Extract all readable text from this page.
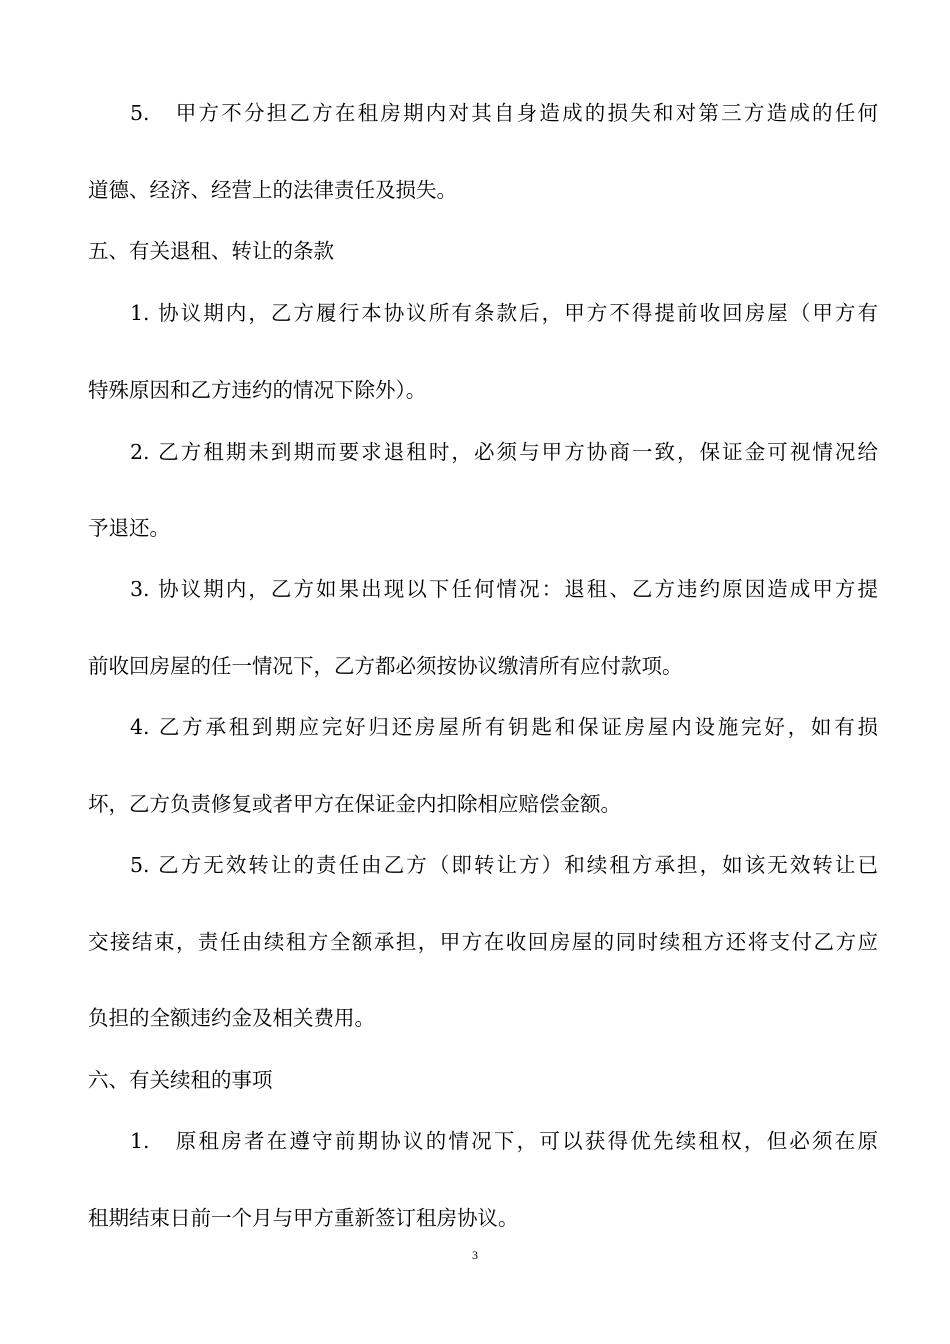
5.   甲方不分担乙方在租房期内对其自身造成的损失和对第三方造成的任何
道德、经济、经营上的法律责任及损失。
五、有关退租、转让的条款
1. 协议期内，乙方履行本协议所有条款后，甲方不得提前收回房屋（甲方有
特殊原因和乙方违约的情况下除外）。
2. 乙方租期未到期而要求退租时，必须与甲方协商一致，保证金可视情况给
予退还。
3. 协议期内，乙方如果出现以下任何情况：退租、乙方违约原因造成甲方提
前收回房屋的任一情况下，乙方都必须按协议缴清所有应付款项。
4. 乙方承租到期应完好归还房屋所有钥匙和保证房屋内设施完好，如有损
坏，乙方负责修复或者甲方在保证金内扣除相应赔偿金额。
5. 乙方无效转让的责任由乙方（即转让方）和续租方承担，如该无效转让已
交接结束，责任由续租方全额承担，甲方在收回房屋的同时续租方还将支付乙方应
负担的全额违约金及相关费用。
六、有关续租的事项
1.   原租房者在遵守前期协议的情况下，可以获得优先续租权，但必须在原
租期结束日前一个月与甲方重新签订租房协议。
3
